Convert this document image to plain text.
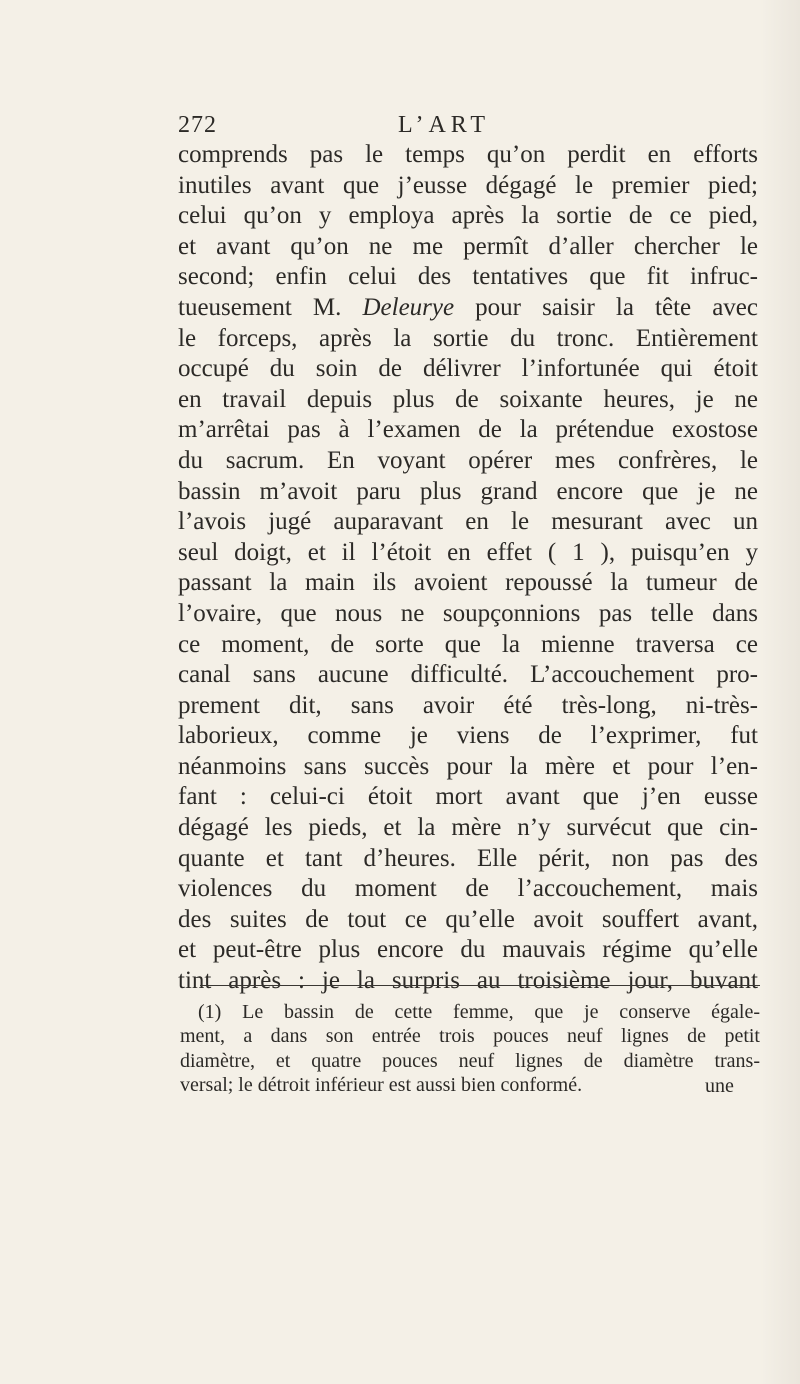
272	L’ART
comprends pas le temps qu’on perdit en efforts
inutiles avant que j’eusse dégagé le premier pied;
celui qu’on y employa après la sortie de ce pied,
et avant qu’on ne me permît d’aller chercher le
second; enfin celui des tentatives que fit infruc-
tueusement M. Deleurye pour saisir la tête avec
le forceps, après la sortie du tronc. Entièrement
occupé du soin de délivrer l’infortunée qui étoit
en travail depuis plus de soixante heures, je ne
m’arrêtai pas à l’examen de la prétendue exostose
du sacrum. En voyant opérer mes confrères, le
bassin m’avoit paru plus grand encore que je ne
l’avois jugé auparavant en le mesurant avec un
seul doigt, et il l’étoit en effet ( 1 ), puisqu’en y
passant la main ils avoient repoussé la tumeur de
l’ovaire, que nous ne soupçonnions pas telle dans
ce moment, de sorte que la mienne traversa ce
canal sans aucune difficulté. L’accouchement pro-
prement dit, sans avoir été très-long, ni-très-
laborieux, comme je viens de l’exprimer, fut
néanmoins sans succès pour la mère et pour l’en-
fant : celui-ci étoit mort avant que j’en eusse
dégagé les pieds, et la mère n’y survécut que cin-
quante et tant d’heures. Elle périt, non pas des
violences du moment de l’accouchement, mais
des suites de tout ce qu’elle avoit souffert avant,
et peut-être plus encore du mauvais régime qu’elle
tint après : je la surpris au troisième jour, buvant
(1) Le bassin de cette femme, que je conserve égale-
ment, a dans son entrée trois pouces neuf lignes de petit
diamètre, et quatre pouces neuf lignes de diamètre trans-
versal; le détroit inférieur est aussi bien conformé.	une
